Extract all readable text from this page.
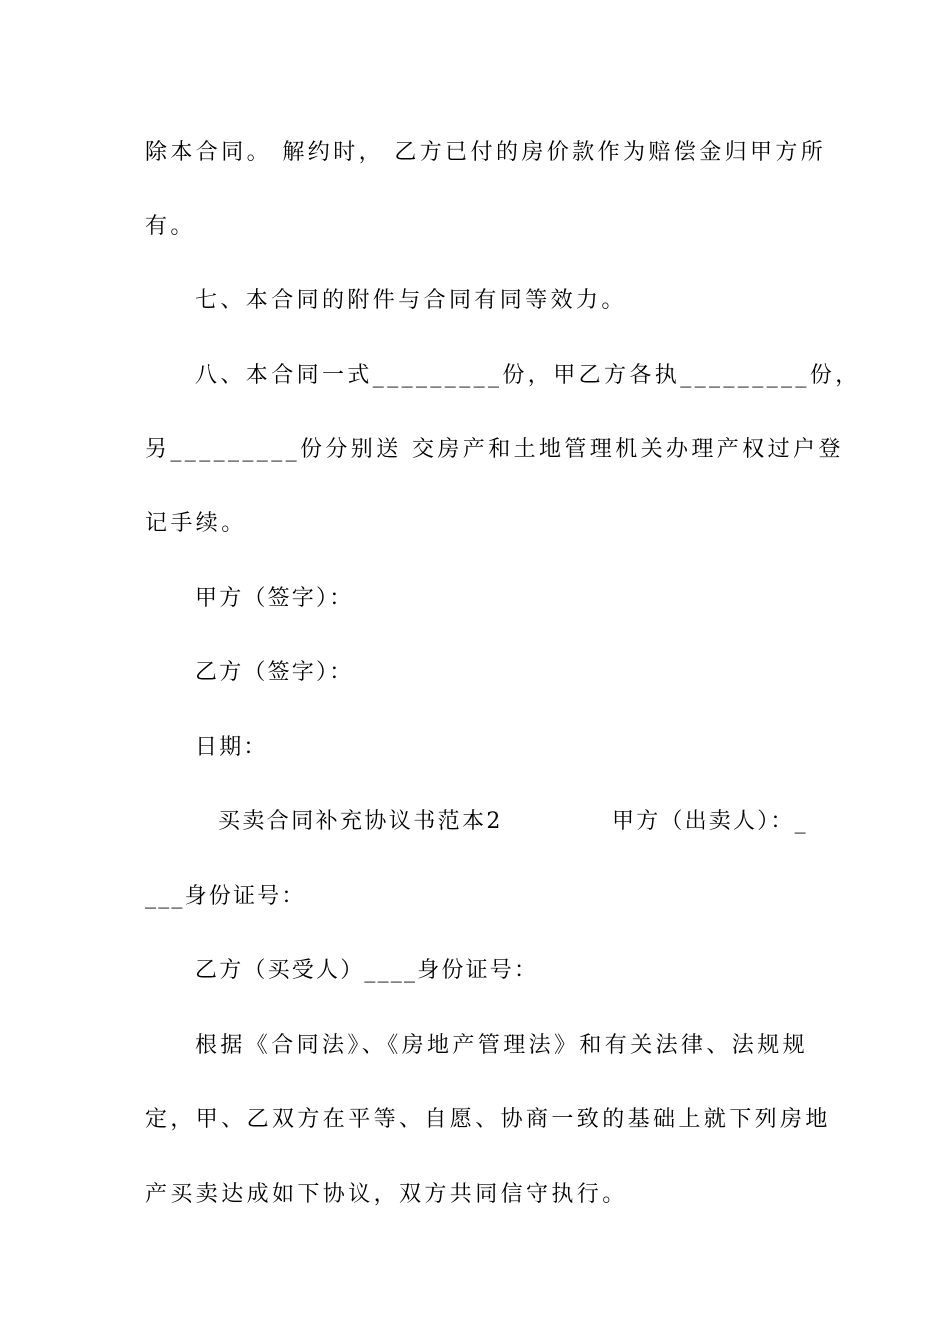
除本合同。 解约时， 乙方已付的房价款作为赔偿金归甲方所
有。
七、本合同的附件与合同有同等效力。
八、本合同一式_________份，甲乙方各执_________份，
另_________份分别送 交房产和土地管理机关办理产权过户登
记手续。
甲方（签字）：
乙方（签字）：
日期：
买卖合同补充协议书范本2	甲方（出卖人）：_
___身份证号：
乙方（买受人）____身份证号：
根据《合同法》、《房地产管理法》和有关法律、法规规
定，甲、乙双方在平等、自愿、协商一致的基础上就下列房地
产买卖达成如下协议，双方共同信守执行。
